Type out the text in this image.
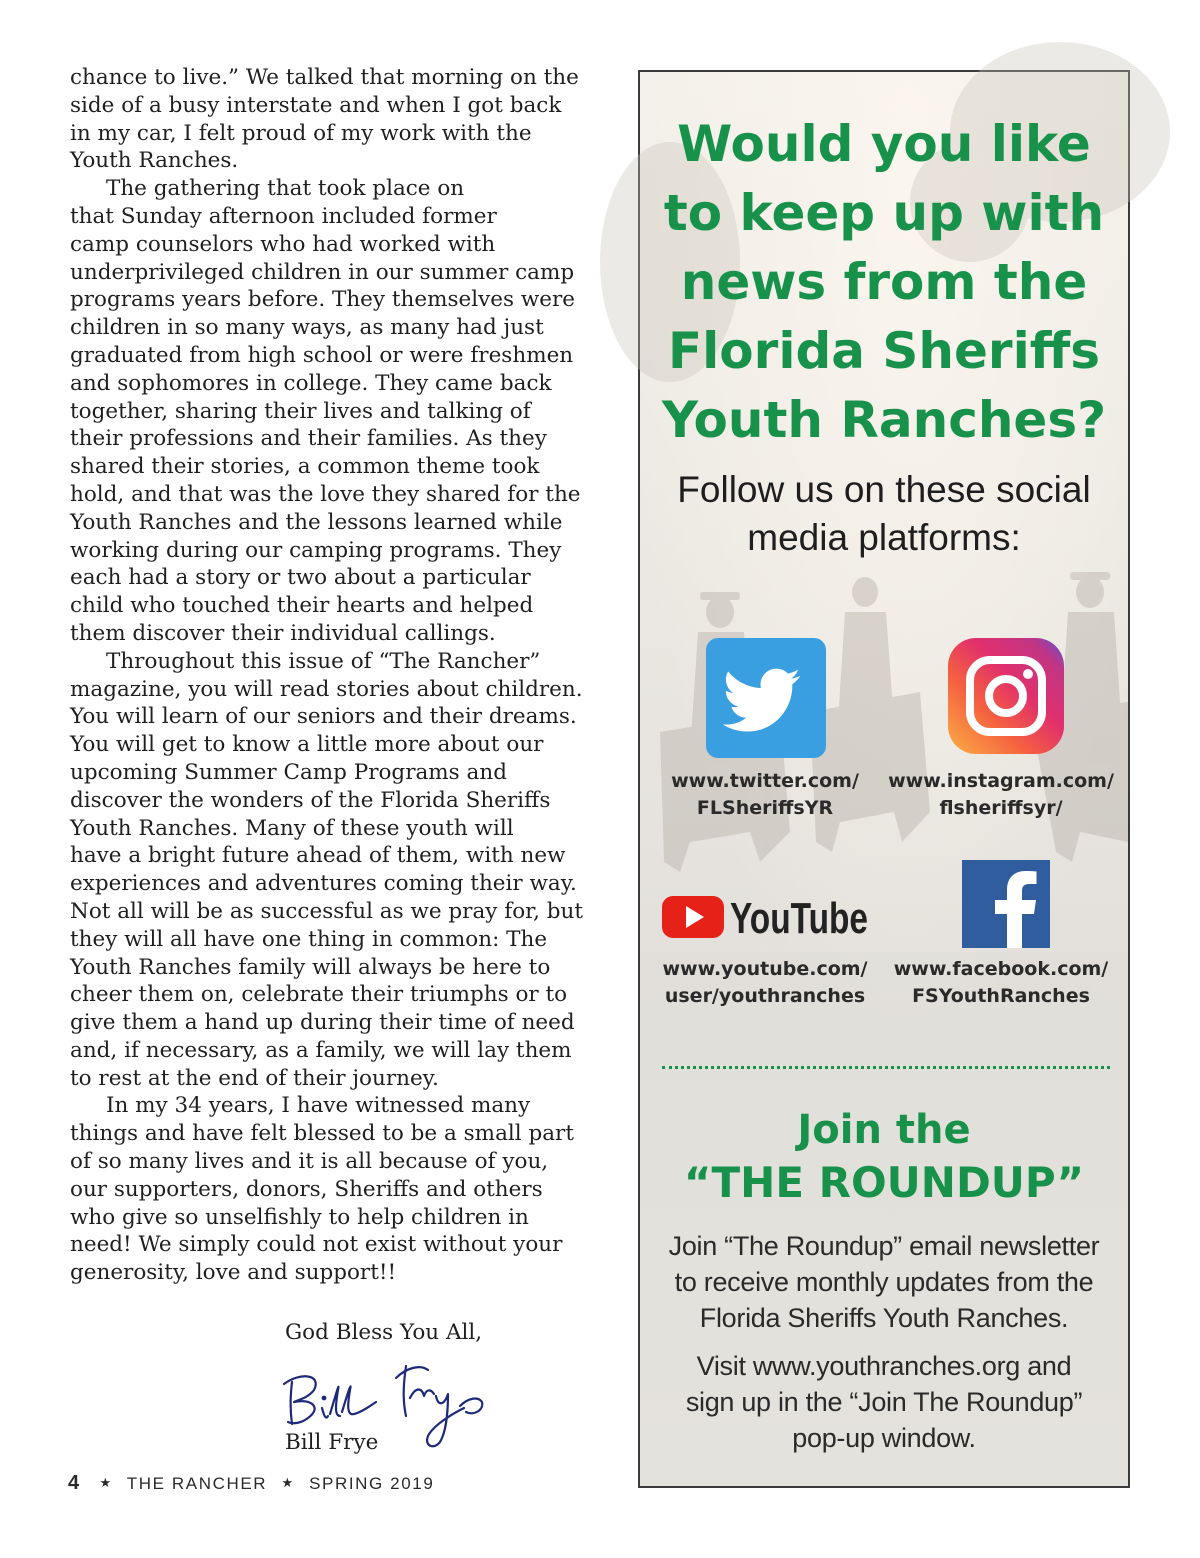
chance to live.” We talked that morning on the
side of a busy interstate and when I got back
in my car, I felt proud of my work with the
Youth Ranches.
The gathering that took place on
that Sunday afternoon included former
camp counselors who had worked with
underprivileged children in our summer camp
programs years before. They themselves were
children in so many ways, as many had just
graduated from high school or were freshmen
and sophomores in college. They came back
together, sharing their lives and talking of
their professions and their families. As they
shared their stories, a common theme took
hold, and that was the love they shared for the
Youth Ranches and the lessons learned while
working during our camping programs. They
each had a story or two about a particular
child who touched their hearts and helped
them discover their individual callings.
Throughout this issue of “The Rancher”
magazine, you will read stories about children.
You will learn of our seniors and their dreams.
You will get to know a little more about our
upcoming Summer Camp Programs and
discover the wonders of the Florida Sheriffs
Youth Ranches. Many of these youth will
have a bright future ahead of them, with new
experiences and adventures coming their way.
Not all will be as successful as we pray for, but
they will all have one thing in common: The
Youth Ranches family will always be here to
cheer them on, celebrate their triumphs or to
give them a hand up during their time of need
and, if necessary, as a family, we will lay them
to rest at the end of their journey.
In my 34 years, I have witnessed many
things and have felt blessed to be a small part
of so many lives and it is all because of you,
our supporters, donors, Sheriffs and others
who give so unselfishly to help children in
need! We simply could not exist without your
generosity, love and support!!
God Bless You All,
Bill Frye
4 ★ THE RANCHER ★ SPRING 2019
Would you like
to keep up with
news from the
Florida Sheriffs
Youth Ranches?
Follow us on these social
media platforms:
www.twitter.com/
FLSheriffsYR
www.instagram.com/
flsheriffsyr/
YouTube
www.youtube.com/
user/youthranches
www.facebook.com/
FSYouthRanches
Join the
“THE ROUNDUP”
Join “The Roundup” email newsletter
to receive monthly updates from the
Florida Sheriffs Youth Ranches.
Visit www.youthranches.org and
sign up in the “Join The Roundup”
pop-up window.
